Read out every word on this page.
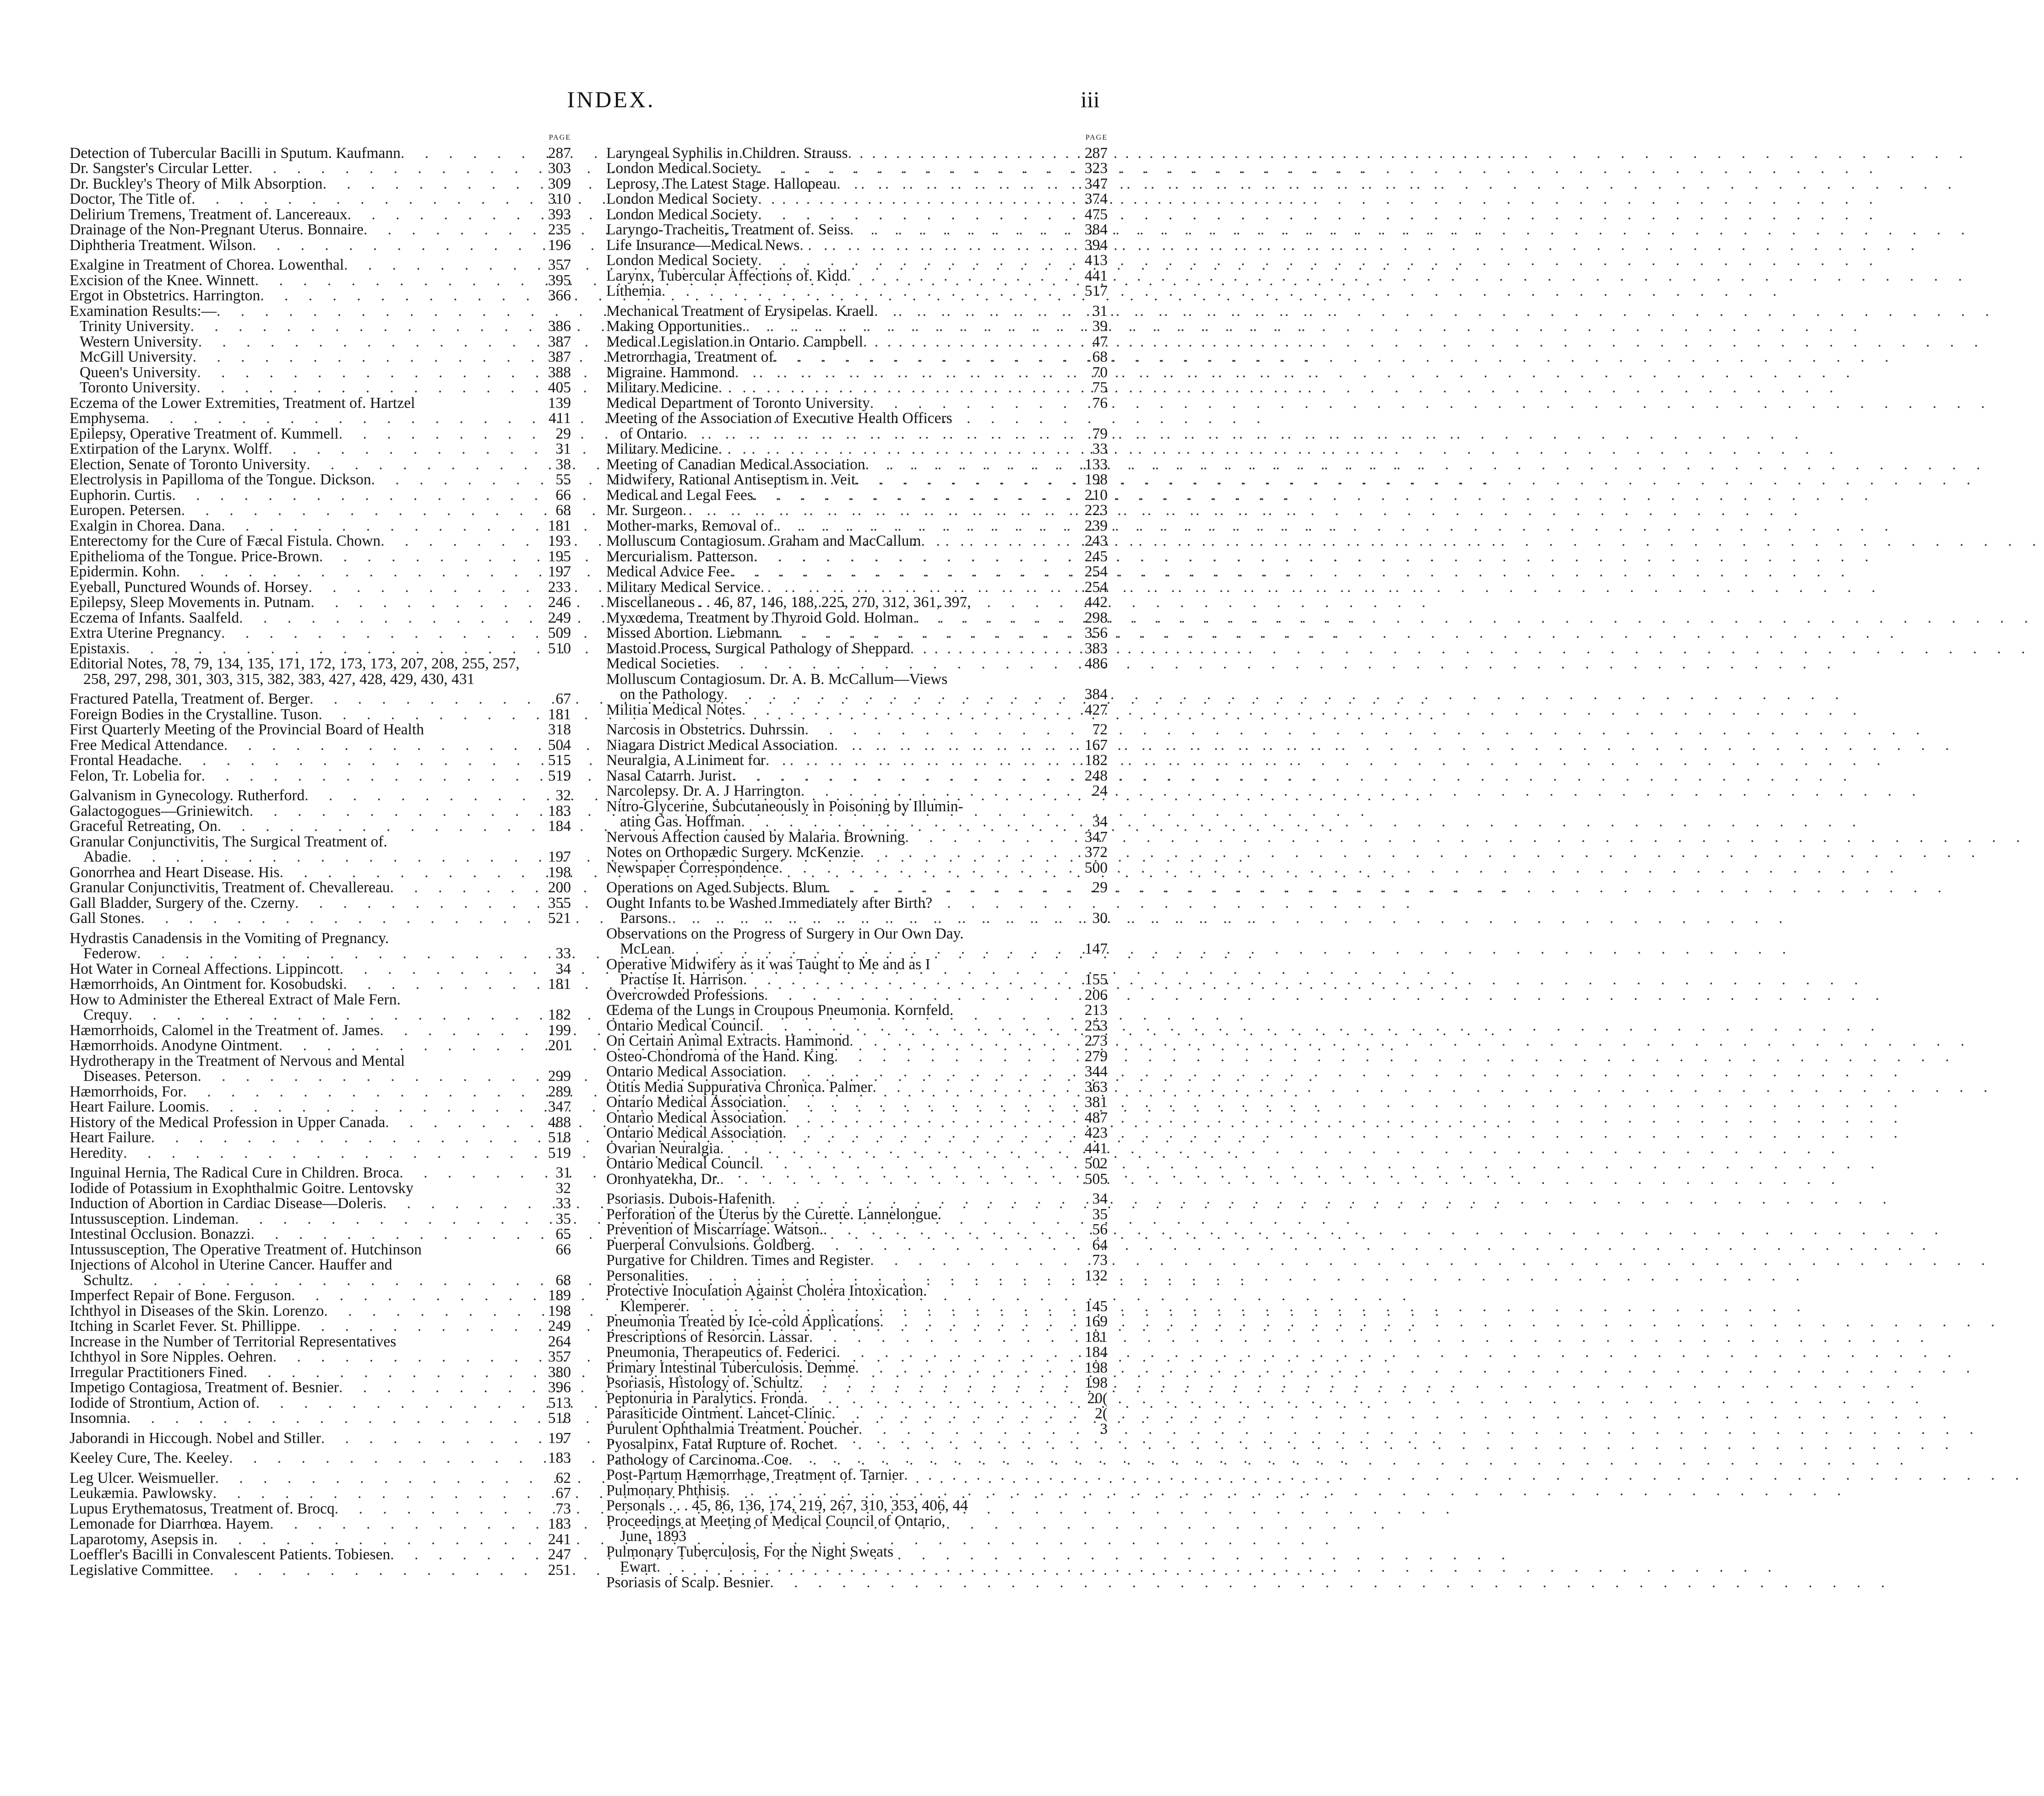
INDEX.	iii
PAGE
Detection of Tubercular Bacilli in Sputum. Kaufmann . . .	287
Dr. Sangster's Circular Letter . . .	303
Dr. Buckley's Theory of Milk Absorption . . .	309
Doctor, The Title of . . .	310
Delirium Tremens, Treatment of. Lancereaux . . .	393
Drainage of the Non-Pregnant Uterus. Bonnaire . . .	235
Diphtheria Treatment. Wilson . . .	196
Exalgine in Treatment of Chorea. Lowenthal . . .	357
Excision of the Knee. Winnett . . .	395
Ergot in Obstetrics. Harrington . . .	366
Examination Results:—
. . .
Trinity University . . .	386
Western University . . .	387
McGill University . . .	387
Queen's University . . .	388
Toronto University . . .	405
Eczema of the Lower Extremities, Treatment of. Hartzel	139
Emphysema . . .	411
Epilepsy, Operative Treatment of. Kummell . . .	29
Extirpation of the Larynx. Wolff . . .	31
Election, Senate of Toronto University . . .	38
Electrolysis in Papilloma of the Tongue. Dickson . . .	55
Euphorin. Curtis . . .	66
Europen. Petersen . . .	68
Exalgin in Chorea. Dana . . .	181
Enterectomy for the Cure of Fæcal Fistula. Chown . . .	193
Epithelioma of the Tongue. Price-Brown . . .	195
Epidermin. Kohn . . .	197
Eyeball, Punctured Wounds of. Horsey . . .	233
Epilepsy, Sleep Movements in. Putnam . . .	246
Eczema of Infants. Saalfeld . . .	249
Extra Uterine Pregnancy . . .	509
Epistaxis . . .	510
Editorial Notes, 78, 79, 134, 135, 171, 172, 173, 173, 207, 208, 255, 257,
258, 297, 298, 301, 303, 315, 382, 383, 427, 428, 429, 430, 431
Fractured Patella, Treatment of. Berger . . .	67
Foreign Bodies in the Crystalline. Tuson . . .	181
First Quarterly Meeting of the Provincial Board of Health	318
Free Medical Attendance . . .	504
Frontal Headache . . .	515
Felon, Tr. Lobelia for . . .	519
Galvanism in Gynecology. Rutherford . . .	32
Galactogogues—Griniewitch . . .	183
Graceful Retreating, On . . .	184
Granular Conjunctivitis, The Surgical Treatment of.
Abadie . . .	197
Gonorrhea and Heart Disease. His . . .	198
Granular Conjunctivitis, Treatment of. Chevallereau . . .	200
Gall Bladder, Surgery of the. Czerny . . .	355
Gall Stones . . .	521
Hydrastis Canadensis in the Vomiting of Pregnancy.
Federow . . .	33
Hot Water in Corneal Affections. Lippincott . . .	34
Hæmorrhoids, An Ointment for. Kosobudski . . .	181
How to Administer the Ethereal Extract of Male Fern.
Crequy . . .	182
Hæmorrhoids, Calomel in the Treatment of. James . . .	199
Hæmorrhoids. Anodyne Ointment . . .	201
Hydrotherapy in the Treatment of Nervous and Mental
Diseases. Peterson . . .	299
Hæmorrhoids, For . . .	289
Heart Failure. Loomis . . .	347
History of the Medical Profession in Upper Canada . . .	488
Heart Failure . . .	518
Heredity . . .	519
Inguinal Hernia, The Radical Cure in Children. Broca . . .	31
Iodide of Potassium in Exophthalmic Goitre. Lentovsky	32
Induction of Abortion in Cardiac Disease—Doleris . . .	33
Intussusception. Lindeman . . .	35
Intestinal Occlusion. Bonazzi . . .	65
Intussusception, The Operative Treatment of. Hutchinson	66
Injections of Alcohol in Uterine Cancer. Hauffer and
Schultz . . .	68
Imperfect Repair of Bone. Ferguson . . .	189
Ichthyol in Diseases of the Skin. Lorenzo . . .	198
Itching in Scarlet Fever. St. Phillippe . . .	249
Increase in the Number of Territorial Representatives	264
Ichthyol in Sore Nipples. Oehren . . .	357
Irregular Practitioners Fined . . .	380
Impetigo Contagiosa, Treatment of. Besnier . . .	396
Iodide of Strontium, Action of . . .	513
Insomnia . . .	518
Jaborandi in Hiccough. Nobel and Stiller . . .	197
Keeley Cure, The. Keeley . . .	183
Leg Ulcer. Weismueller . . .	62
Leukæmia. Pawlowsky . . .	67
Lupus Erythematosus, Treatment of. Brocq . . .	73
Lemonade for Diarrhœa. Hayem . . .	183
Laparotomy, Asepsis in . . .	241
Loeffler's Bacilli in Convalescent Patients. Tobiesen . . .	247
Legislative Committee . . .	251
PAGE
Laryngeal Syphilis in Children. Strauss . . .	287
London Medical Society . . .	323
Leprosy, The Latest Stage. Hallopeau . . .	347
London Medical Society . . .	374
London Medical Society . . .	475
Laryngo-Tracheitis, Treatment of. Seiss . . .	384
Life Insurance—Medical News . . .	394
London Medical Society . . .	413
Larynx, Tubercular Affections of. Kidd . . .	441
Lithemia . . .	517
Mechanical Treatment of Erysipelas. Kraell . . .	31
Making Opportunities . . .	39
Medical Legislation in Ontario. Campbell . . .	47
Metrorrhagia, Treatment of . . .	68
Migraine. Hammond . . .	70
Military Medicine . . .	75
Medical Department of Toronto University . . .	76
Meeting of the Association of Executive Health Officers
of Ontario . . .	79
Military Medicine . . .	33
Meeting of Canadian Medical Association . . .	133
Midwifery, Rational Antiseptism in. Veit . . .	198
Medical and Legal Fees . . .	210
Mr. Surgeon . . .	223
Mother-marks, Removal of . . .	239
Molluscum Contagiosum. Graham and MacCallum . . .	243
Mercurialism. Patterson . . .	245
Medical Advice Fee . . .	254
Military Medical Service . . .	254
Miscellaneous . . 46, 87, 146, 188, 225, 270, 312, 361, 397,	442
Myxœdema, Treatment by Thyroid Gold. Holman . . .	298
Missed Abortion. Liebmann . . .	356
Mastoid Process, Surgical Pathology of Sheppard . . .	383
Medical Societies . . .	486
Molluscum Contagiosum. Dr. A. B. McCallum—Views
on the Pathology . . .	384
Militia Medical Notes . . .	427
Narcosis in Obstetrics. Duhrssin . . .	72
Niagara District Medical Association . . .	167
Neuralgia, A Liniment for . . .	182
Nasal Catarrh. Jurist . . .	248
Narcolepsy. Dr. A. J Harrington . . .	24
Nitro-Glycerine, Subcutaneously in Poisoning by Illumin-
ating Gas. Hoffman . . .	34
Nervous Affection caused by Malaria. Browning . . .	347
Notes on Orthopædic Surgery. McKenzie . . .	372
Newspaper Correspondence . . .	500
Operations on Aged Subjects. Blum . . .	29
Ought Infants to be Washed Immediately after Birth?
Parsons . . .	30
Observations on the Progress of Surgery in Our Own Day.
McLean . . .	147
Operative Midwifery as it was Taught to Me and as I
Practise It. Harrison . . .	155
Overcrowded Professions . . .	206
Œdema of the Lungs in Croupous Pneumonia. Kornfeld.	213
Ontario Medical Council . . .	253
On Certain Animal Extracts. Hammond . . .	273
Osteo-Chondroma of the Hand. King . . .	279
Ontario Medical Association . . .	344
Otitis Media Suppurativa Chronica. Palmer . . .	363
Ontario Medical Association . . .	381
Ontario Medical Association . . .	487
Ontario Medical Association . . .	423
Ovarian Neuralgia . . .	441
Ontario Medical Council . . .	502
Oronhyatekha, Dr. . . .	505
Psoriasis. Dubois-Hafenith . . .	34
Perforation of the Uterus by the Curette. Lannelongue.	35
Prevention of Miscarriage. Watson. . . .	56
Puerperal Convulsions. Goldberg . . .	64
Purgative for Children. Times and Register . . .	73
Personalities . . .	132
Protective Inoculation Against Cholera Intoxication.
Klemperer . . .	145
Pneumonia Treated by Ice-cold Applications . . .	169
Prescriptions of Resorcin. Lassar . . .	181
Pneumonia, Therapeutics of. Federici . . .	184
Primary Intestinal Tuberculosis. Demme . . .	198
Psoriasis, Histology of. Schultz . . .	198
Peptonuria in Paralytics. Fronda . . .	20(
Parasiticide Ointment. Lancet-Clinic . . .	2(
Purulent Ophthalmia Treatment. Poucher . . .	3
Pyosalpinx, Fatal Rupture of. Rochet
. . .
Pathology of Carcinoma. Coe
. . .
Post-Partum Hæmorrhage, Treatment of. Tarnier
. . .
Pulmonary Phthisis
. . .
Personals . . . 45, 86, 136, 174, 219, 267, 310, 353, 406, 44
Proceedings at Meeting of Medical Council of Ontario,
June, 1893
Pulmonary Tuberculosis, For the Night Sweats
Ewart
. . .
Psoriasis of Scalp. Besnier
. . .
